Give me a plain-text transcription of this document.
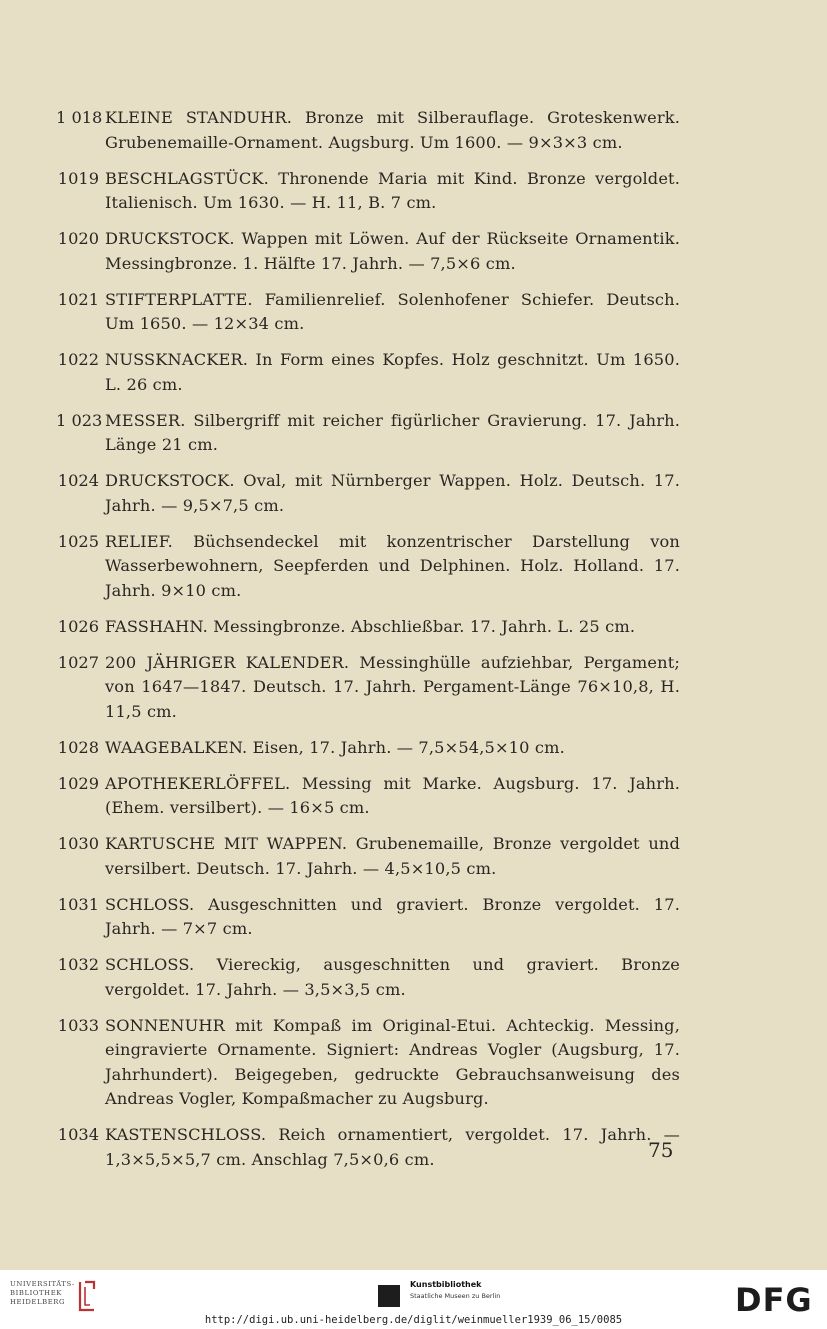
1 018 KLEINE STANDUHR. Bronze mit Silberauflage. Groteskenwerk. Grubenemaille-Ornament. Augsburg. Um 1600. — 9×3×3 cm.
1019 BESCHLAGSTÜCK. Thronende Maria mit Kind. Bronze vergoldet. Italienisch. Um 1630. — H. 11, B. 7 cm.
1020 DRUCKSTOCK. Wappen mit Löwen. Auf der Rückseite Ornamentik. Messingbronze. 1. Hälfte 17. Jahrh. — 7,5×6 cm.
1021 STIFTERPLATTE. Familienrelief. Solenhofener Schiefer. Deutsch. Um 1650. — 12×34 cm.
1022 NUSSKNACKER. In Form eines Kopfes. Holz geschnitzt. Um 1650. L. 26 cm.
1 023 MESSER. Silbergriff mit reicher figürlicher Gravierung. 17. Jahrh. Länge 21 cm.
1024 DRUCKSTOCK. Oval, mit Nürnberger Wappen. Holz. Deutsch. 17. Jahrh. — 9,5×7,5 cm.
1025 RELIEF. Büchsendeckel mit konzentrischer Darstellung von Wasserbewohnern, Seepferden und Delphinen. Holz. Holland. 17. Jahrh. 9×10 cm.
1026 FASSHAHN. Messingbronze. Abschließbar. 17. Jahrh. L. 25 cm.
1027 200 JÄHRIGER KALENDER. Messinghülle aufziehbar, Pergament; von 1647—1847. Deutsch. 17. Jahrh. Pergament-Länge 76×10,8, H. 11,5 cm.
1028 WAAGEBALKEN. Eisen, 17. Jahrh. — 7,5×54,5×10 cm.
1029 APOTHEKERLÖFFEL. Messing mit Marke. Augsburg. 17. Jahrh. (Ehem. versilbert). — 16×5 cm.
1030 KARTUSCHE MIT WAPPEN. Grubenemaille, Bronze vergoldet und versilbert. Deutsch. 17. Jahrh. — 4,5×10,5 cm.
1031 SCHLOSS. Ausgeschnitten und graviert. Bronze vergoldet. 17. Jahrh. — 7×7 cm.
1032 SCHLOSS. Viereckig, ausgeschnitten und graviert. Bronze vergoldet. 17. Jahrh. — 3,5×3,5 cm.
1033 SONNENUHR mit Kompaß im Original-Etui. Achteckig. Messing, eingravierte Ornamente. Signiert: Andreas Vogler (Augsburg, 17. Jahrhundert). Beigegeben, gedruckte Gebrauchsanweisung des Andreas Vogler, Kompaßmacher zu Augsburg.
1034 KASTENSCHLOSS. Reich ornamentiert, vergoldet. 17. Jahrh. — 1,3×5,5×5,7 cm. Anschlag 7,5×0,6 cm.	75
UNIVERSITÄTS-
BIBLIOTHEK
HEIDELBERG
Kunstbibliothek
Staatliche Museen zu Berlin	DFG
http://digi.ub.uni-heidelberg.de/diglit/weinmueller1939_06_15/0085
